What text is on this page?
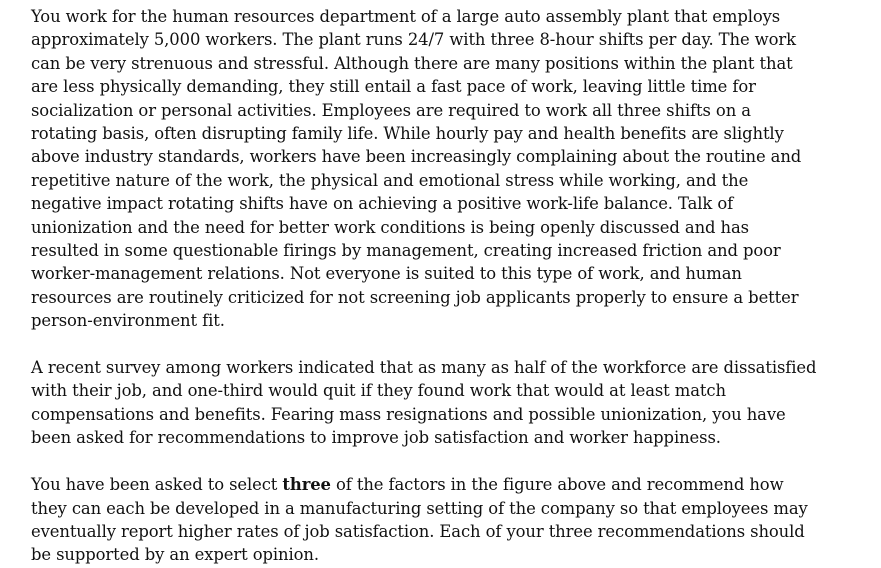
You work for the human resources department of a large auto assembly plant that employs
approximately 5,000 workers. The plant runs 24/7 with three 8-hour shifts per day. The work
can be very strenuous and stressful. Although there are many positions within the plant that
are less physically demanding, they still entail a fast pace of work, leaving little time for
socialization or personal activities. Employees are required to work all three shifts on a
rotating basis, often disrupting family life. While hourly pay and health benefits are slightly
above industry standards, workers have been increasingly complaining about the routine and
repetitive nature of the work, the physical and emotional stress while working, and the
negative impact rotating shifts have on achieving a positive work-life balance. Talk of
unionization and the need for better work conditions is being openly discussed and has
resulted in some questionable firings by management, creating increased friction and poor
worker-management relations. Not everyone is suited to this type of work, and human
resources are routinely criticized for not screening job applicants properly to ensure a better
person-environment fit.

A recent survey among workers indicated that as many as half of the workforce are dissatisfied
with their job, and one-third would quit if they found work that would at least match
compensations and benefits. Fearing mass resignations and possible unionization, you have
been asked for recommendations to improve job satisfaction and worker happiness.

You have been asked to select three of the factors in the figure above and recommend how
they can each be developed in a manufacturing setting of the company so that employees may
eventually report higher rates of job satisfaction. Each of your three recommendations should
be supported by an expert opinion.
